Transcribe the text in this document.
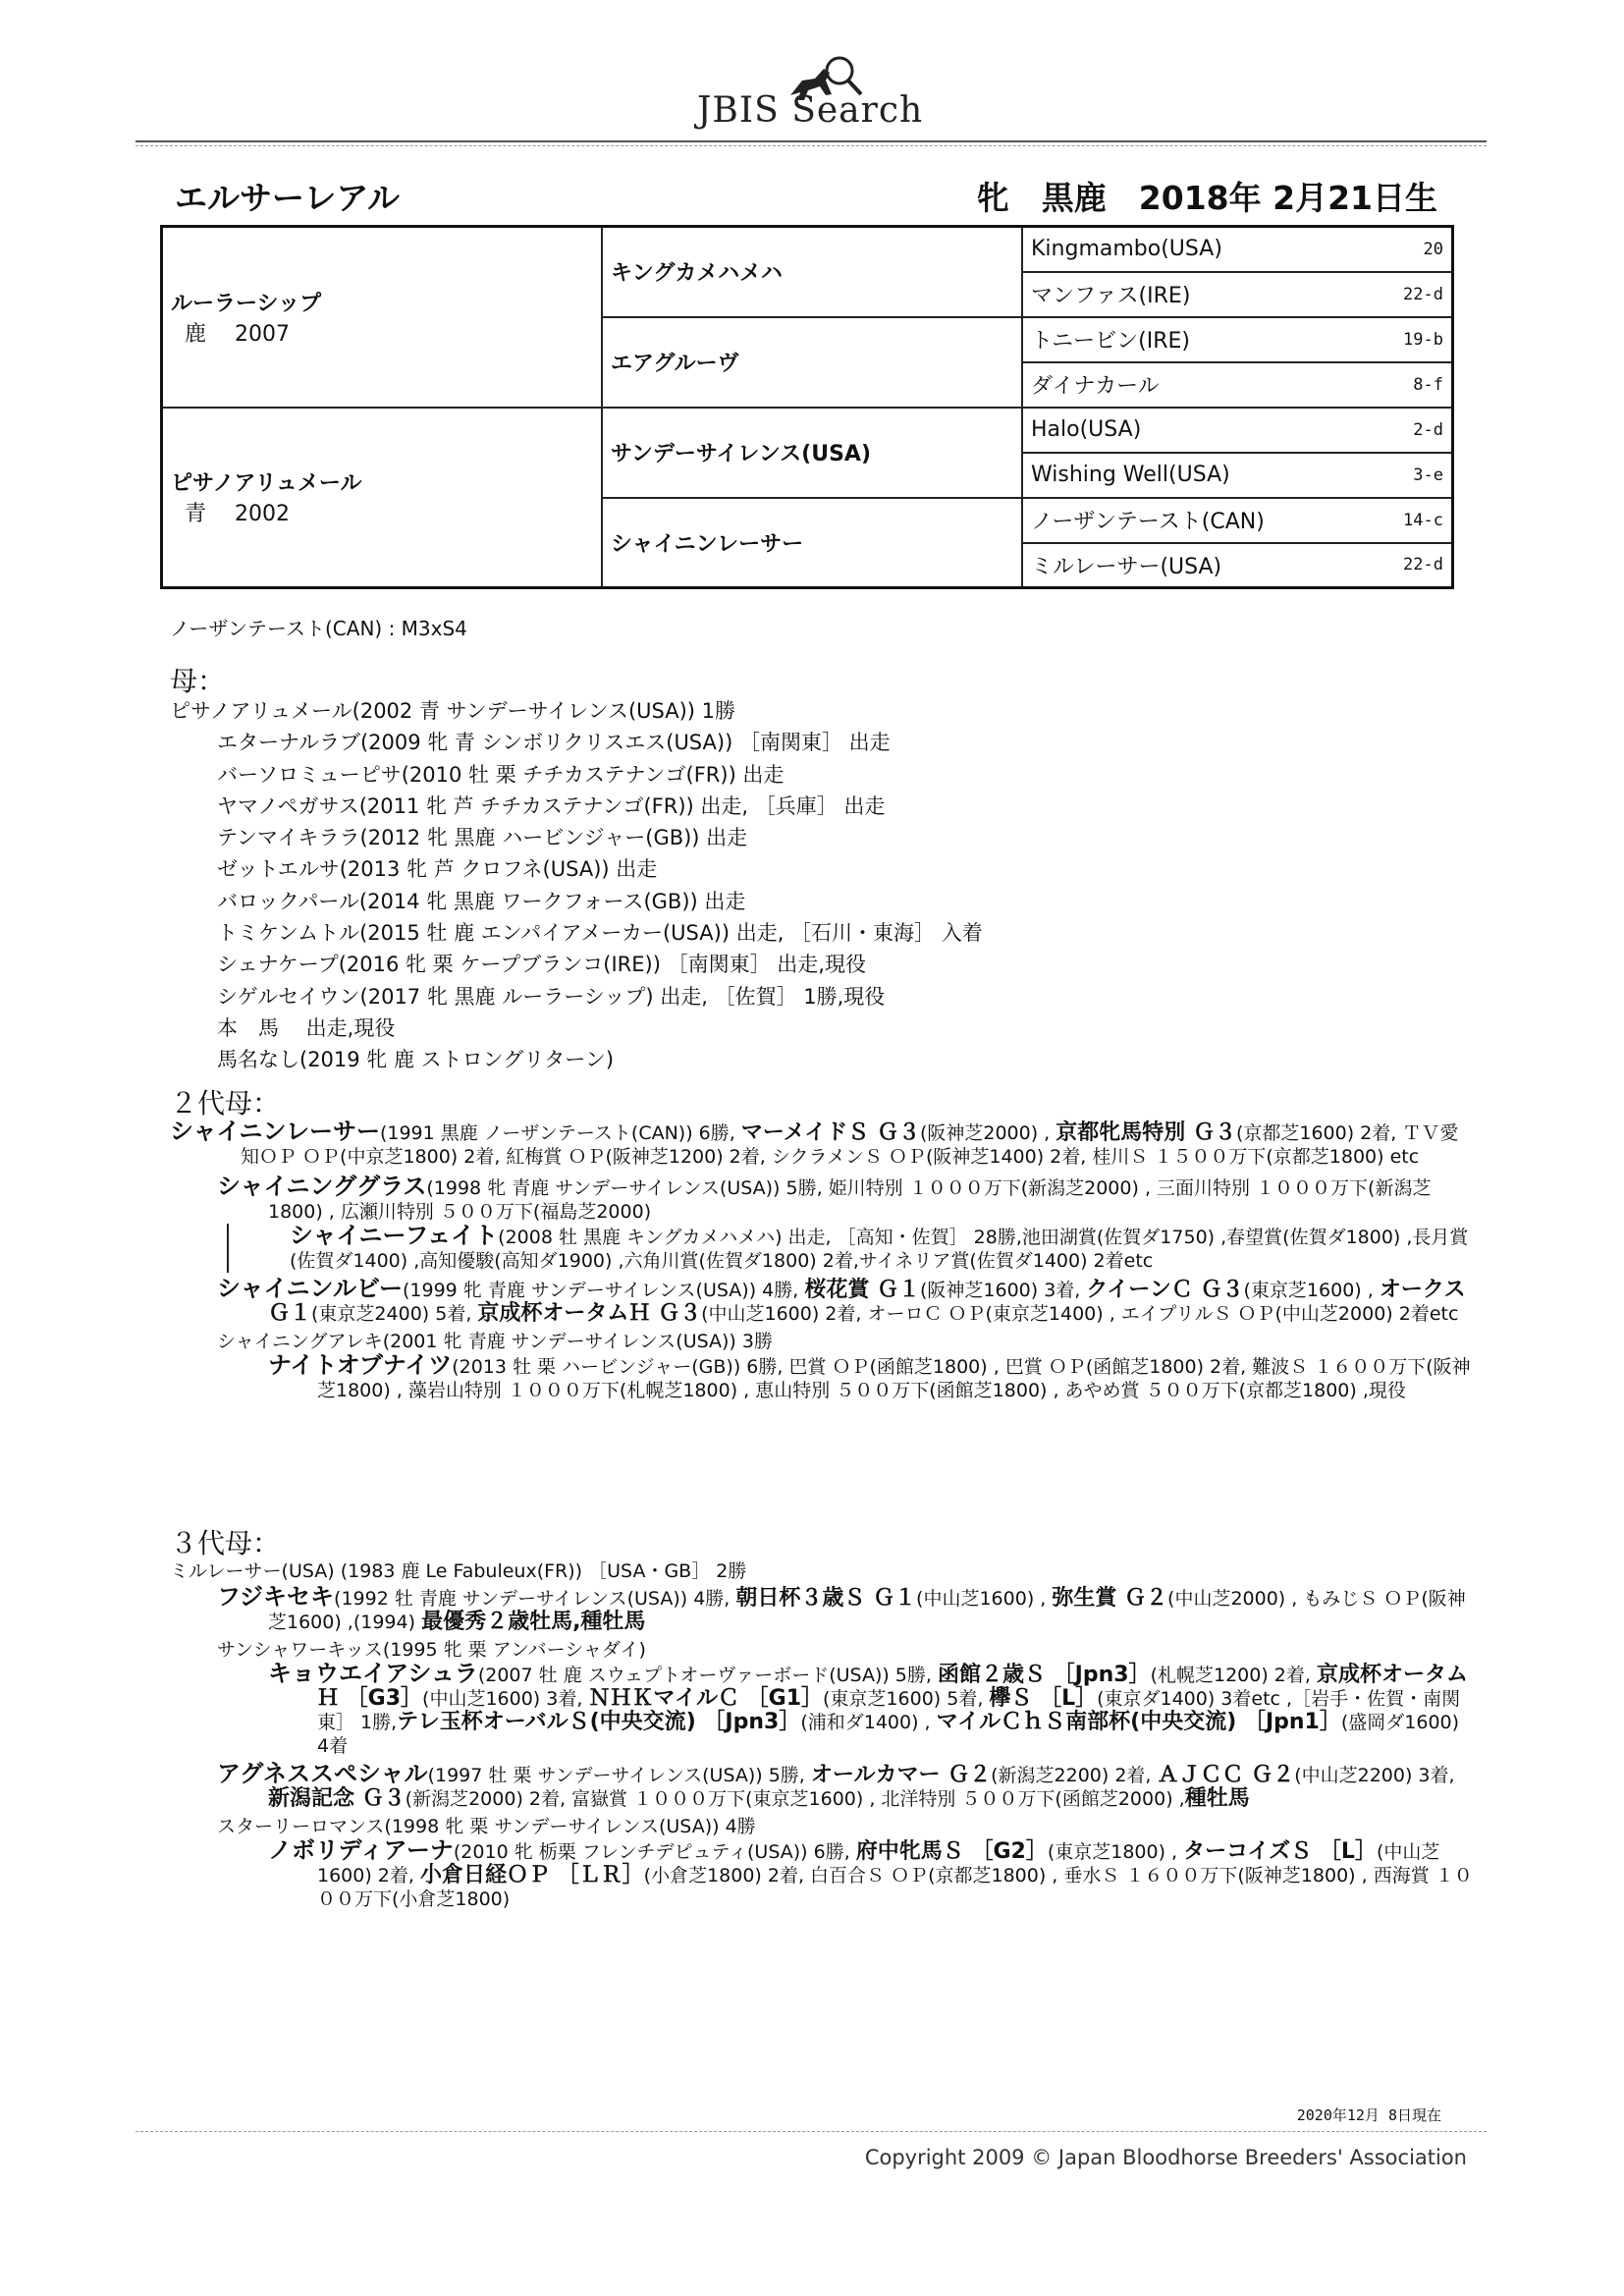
JBIS Search
エルサーレアル	牝　黒鹿　2018年 2月21日生
ルーラーシップ
鹿　 2007	キングカメハメハ	Kingmambo(USA) 20

		マンファス(IRE) 22-d

	エアグルーヴ	トニービン(IRE) 19-b

		ダイナカール 8-f

ピサノアリュメール
青　 2002	サンデーサイレンス(USA)	Halo(USA) 2-d

		Wishing Well(USA) 3-e

	シャイニンレーサー	ノーザンテースト(CAN) 14-c

		ミルレーサー(USA) 22-d
ノーザンテースト(CAN) : M3xS4
母：
ピサノアリュメール(2002 青 サンデーサイレンス(USA)) 1勝
エターナルラブ(2009 牝 青 シンボリクリスエス(USA)) ［南関東］ 出走
バーソロミューピサ(2010 牡 栗 チチカステナンゴ(FR)) 出走
ヤマノペガサス(2011 牝 芦 チチカステナンゴ(FR)) 出走, ［兵庫］ 出走
テンマイキララ(2012 牝 黒鹿 ハービンジャー(GB)) 出走
ゼットエルサ(2013 牝 芦 クロフネ(USA)) 出走
バロックパール(2014 牝 黒鹿 ワークフォース(GB)) 出走
トミケンムトル(2015 牡 鹿 エンパイアメーカー(USA)) 出走, ［石川・東海］ 入着
シェナケープ(2016 牝 栗 ケープブランコ(IRE)) ［南関東］ 出走,現役
シゲルセイウン(2017 牝 黒鹿 ルーラーシップ) 出走, ［佐賀］ 1勝,現役
本　馬　 出走,現役
馬名なし(2019 牝 鹿 ストロングリターン)
２代母：
シャイニンレーサー(1991 黒鹿 ノーザンテースト(CAN)) 6勝, マーメイドＳ Ｇ３(阪神芝2000) , 京都牝馬特別 Ｇ３(京都芝1600) 2着, ＴＶ愛知ＯＰ ＯＰ(中京芝1800) 2着, 紅梅賞 ＯＰ(阪神芝1200) 2着, シクラメンＳ ＯＰ(阪神芝1400) 2着, 桂川Ｓ １５００万下(京都芝1800) etc
シャイニンググラス(1998 牝 青鹿 サンデーサイレンス(USA)) 5勝, 姫川特別 １０００万下(新潟芝2000) , 三面川特別 １０００万下(新潟芝1800) , 広瀬川特別 ５００万下(福島芝2000)
シャイニーフェイト(2008 牡 黒鹿 キングカメハメハ) 出走, ［高知・佐賀］ 28勝,池田湖賞(佐賀ダ1750) ,春望賞(佐賀ダ1800) ,長月賞(佐賀ダ1400) ,高知優駿(高知ダ1900) ,六角川賞(佐賀ダ1800) 2着,サイネリア賞(佐賀ダ1400) 2着etc
シャイニンルビー(1999 牝 青鹿 サンデーサイレンス(USA)) 4勝, 桜花賞 Ｇ１(阪神芝1600) 3着, クイーンＣ Ｇ３(東京芝1600) , オークス Ｇ１(東京芝2400) 5着, 京成杯オータムＨ Ｇ３(中山芝1600) 2着, オーロＣ ＯＰ(東京芝1400) , エイプリルＳ ＯＰ(中山芝2000) 2着etc
シャイニングアレキ(2001 牝 青鹿 サンデーサイレンス(USA)) 3勝
ナイトオブナイツ(2013 牡 栗 ハービンジャー(GB)) 6勝, 巴賞 ＯＰ(函館芝1800) , 巴賞 ＯＰ(函館芝1800) 2着, 難波Ｓ １６００万下(阪神芝1800) , 藻岩山特別 １０００万下(札幌芝1800) , 恵山特別 ５００万下(函館芝1800) , あやめ賞 ５００万下(京都芝1800) ,現役
３代母：
ミルレーサー(USA) (1983 鹿 Le Fabuleux(FR)) ［USA・GB］ 2勝
フジキセキ(1992 牡 青鹿 サンデーサイレンス(USA)) 4勝, 朝日杯３歳Ｓ Ｇ１(中山芝1600) , 弥生賞 Ｇ２(中山芝2000) , もみじＳ ＯＰ(阪神芝1600) ,(1994) 最優秀２歳牡馬,種牡馬
サンシャワーキッス(1995 牝 栗 アンバーシャダイ)
キョウエイアシュラ(2007 牡 鹿 スウェプトオーヴァーボード(USA)) 5勝, 函館２歳Ｓ ［Jpn3］(札幌芝1200) 2着, 京成杯オータムＨ ［G3］(中山芝1600) 3着, ＮＨＫマイルＣ ［G1］(東京芝1600) 5着, 欅Ｓ ［L］(東京ダ1400) 3着etc ,［岩手・佐賀・南関東］ 1勝,テレ玉杯オーバルＳ(中央交流) ［Jpn3］(浦和ダ1400) , マイルＣｈＳ南部杯(中央交流) ［Jpn1］(盛岡ダ1600) 4着
アグネススペシャル(1997 牡 栗 サンデーサイレンス(USA)) 5勝, オールカマー Ｇ２(新潟芝2200) 2着, ＡＪＣＣ Ｇ２(中山芝2200) 3着, 新潟記念 Ｇ３(新潟芝2000) 2着, 富嶽賞 １０００万下(東京芝1600) , 北洋特別 ５００万下(函館芝2000) ,種牡馬
スターリーロマンス(1998 牝 栗 サンデーサイレンス(USA)) 4勝
ノボリディアーナ(2010 牝 栃栗 フレンチデピュティ(USA)) 6勝, 府中牝馬Ｓ ［G2］(東京芝1800) , ターコイズＳ ［L］(中山芝1600) 2着, 小倉日経ＯＰ ［ＬＲ］(小倉芝1800) 2着, 白百合Ｓ ＯＰ(京都芝1800) , 垂水Ｓ １６００万下(阪神芝1800) , 西海賞 １０００万下(小倉芝1800)
2020年12月 8日現在
Copyright 2009 © Japan Bloodhorse Breeders' Association
